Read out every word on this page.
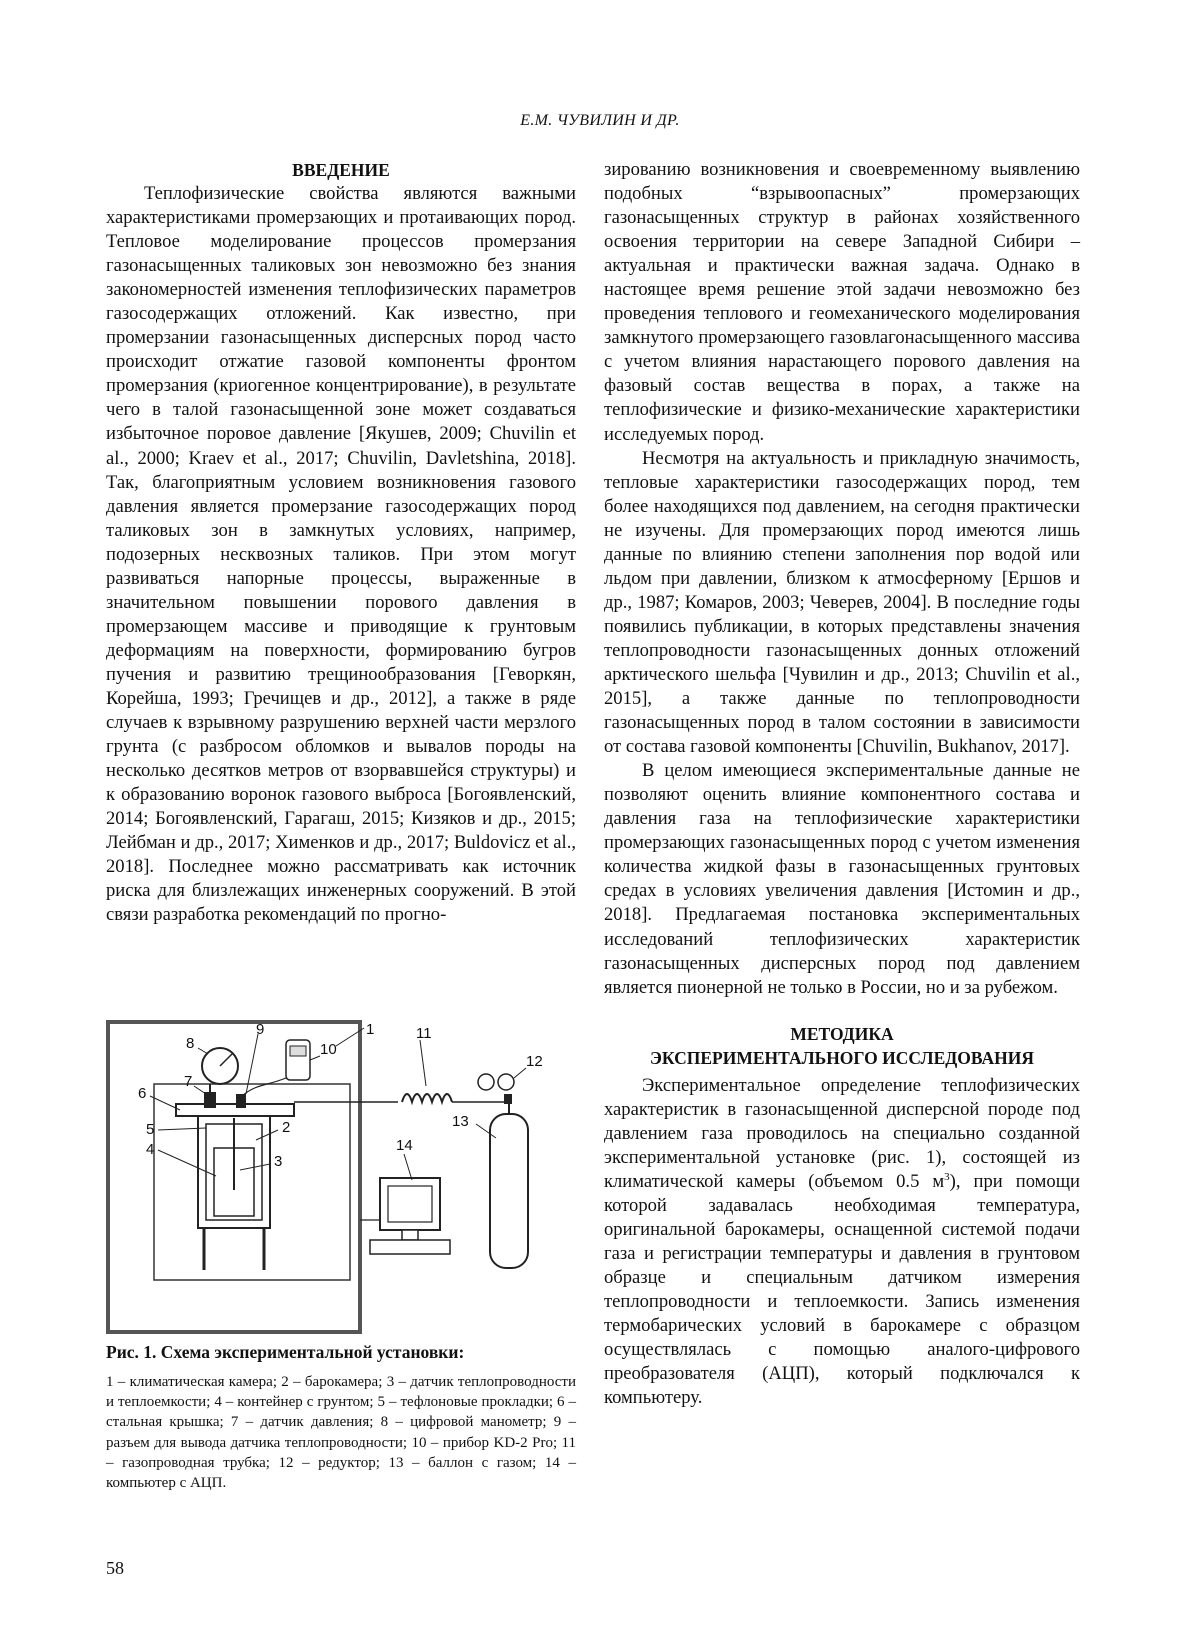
Е.М. ЧУВИЛИН И ДР.
ВВЕДЕНИЕ

Теплофизические свойства являются важными характеристиками промерзающих и протаивающих пород. Тепловое моделирование процессов промерзания газонасыщенных таликовых зон невозможно без знания закономерностей изменения теплофизических параметров газосодержащих отложений. Как известно, при промерзании газонасыщенных дисперсных пород часто происходит отжатие газовой компоненты фронтом промерзания (криогенное концентрирование), в результате чего в талой газонасыщенной зоне может создаваться избыточное поровое давление [Якушев, 2009; Chuvilin et al., 2000; Kraev et al., 2017; Chuvilin, Davletshina, 2018]. Так, благоприятным условием возникновения газового давления является промерзание газосодержащих пород таликовых зон в замкнутых условиях, например, подозерных несквозных таликов. При этом могут развиваться напорные процессы, выраженные в значительном повышении порового давления в промерзающем массиве и приводящие к грунтовым деформациям на поверхности, формированию бугров пучения и развитию трещинообразования [Геворкян, Корейша, 1993; Гречищев и др., 2012], а также в ряде случаев к взрывному разрушению верхней части мерзлого грунта (с разбросом обломков и вывалов породы на несколько десятков метров от взорвавшейся структуры) и к образованию воронок газового выброса [Богоявленский, 2014; Богоявленский, Гарагаш, 2015; Кизяков и др., 2015; Лейбман и др., 2017; Хименков и др., 2017; Buldovicz et al., 2018]. Последнее можно рассматривать как источник риска для близлежащих инженерных сооружений. В этой связи разработка рекомендаций по прогно-

зированию возникновения и своевременному выявлению подобных “взрывоопасных” промерзающих газонасыщенных структур в районах хозяйственного освоения территории на севере Западной Сибири – актуальная и практически важная задача. Однако в настоящее время решение этой задачи невозможно без проведения теплового и геомеханического моделирования замкнутого промерзающего газовлагонасыщенного массива с учетом влияния нарастающего порового давления на фазовый состав вещества в порах, а также на теплофизические и физико-механические характеристики исследуемых пород.

Несмотря на актуальность и прикладную значимость, тепловые характеристики газосодержащих пород, тем более находящихся под давлением, на сегодня практически не изучены. Для промерзающих пород имеются лишь данные по влиянию степени заполнения пор водой или льдом при давлении, близком к атмосферному [Ершов и др., 1987; Комаров, 2003; Чеверев, 2004]. В последние годы появились публикации, в которых представлены значения теплопроводности газонасыщенных донных отложений арктического шельфа [Чувилин и др., 2013; Chuvilin et al., 2015], а также данные по теплопроводности газонасыщенных пород в талом состоянии в зависимости от состава газовой компоненты [Chuvilin, Bukhanov, 2017].

В целом имеющиеся экспериментальные данные не позволяют оценить влияние компонентного состава и давления газа на теплофизические характеристики промерзающих газонасыщенных пород с учетом изменения количества жидкой фазы в газонасыщенных грунтовых средах в условиях увеличения давления [Истомин и др., 2018]. Предлагаемая постановка экспериментальных исследований теплофизических характеристик газонасыщенных дисперсных пород под давлением является пионерной не только в России, но и за рубежом.

МЕТОДИКА
ЭКСПЕРИМЕНТАЛЬНОГО ИССЛЕДОВАНИЯ

Экспериментальное определение теплофизических характеристик в газонасыщенной дисперсной породе под давлением газа проводилось на специально созданной экспериментальной установке (рис. 1), состоящей из климатической камеры (объемом 0.5 $м^3$), при помощи которой задавалась необходимая температура, оригинальной барокамеры, оснащенной системой подачи газа и регистрации температуры и давления в грунтовом образце и специальным датчиком измерения теплопроводности и теплоемкости. Запись изменения термобарических условий в барокамере с образцом осуществлялась с помощью аналого-цифрового преобразователя (АЦП), который подключался к компьютеру.

1
2
3
4
5
6
7
8
9
10
11
12
13
14
Рис. 1. Схема экспериментальной установки:
1 – климатическая камера; 2 – барокамера; 3 – датчик теплопроводности и теплоемкости; 4 – контейнер с грунтом; 5 – тефлоновые прокладки; 6 – стальная крышка; 7 – датчик давления; 8 – цифровой манометр; 9 – разъем для вывода датчика теплопроводности; 10 – прибор KD-2 Pro; 11 – газопроводная трубка; 12 – редуктор; 13 – баллон с газом; 14 – компьютер с АЦП.
58
